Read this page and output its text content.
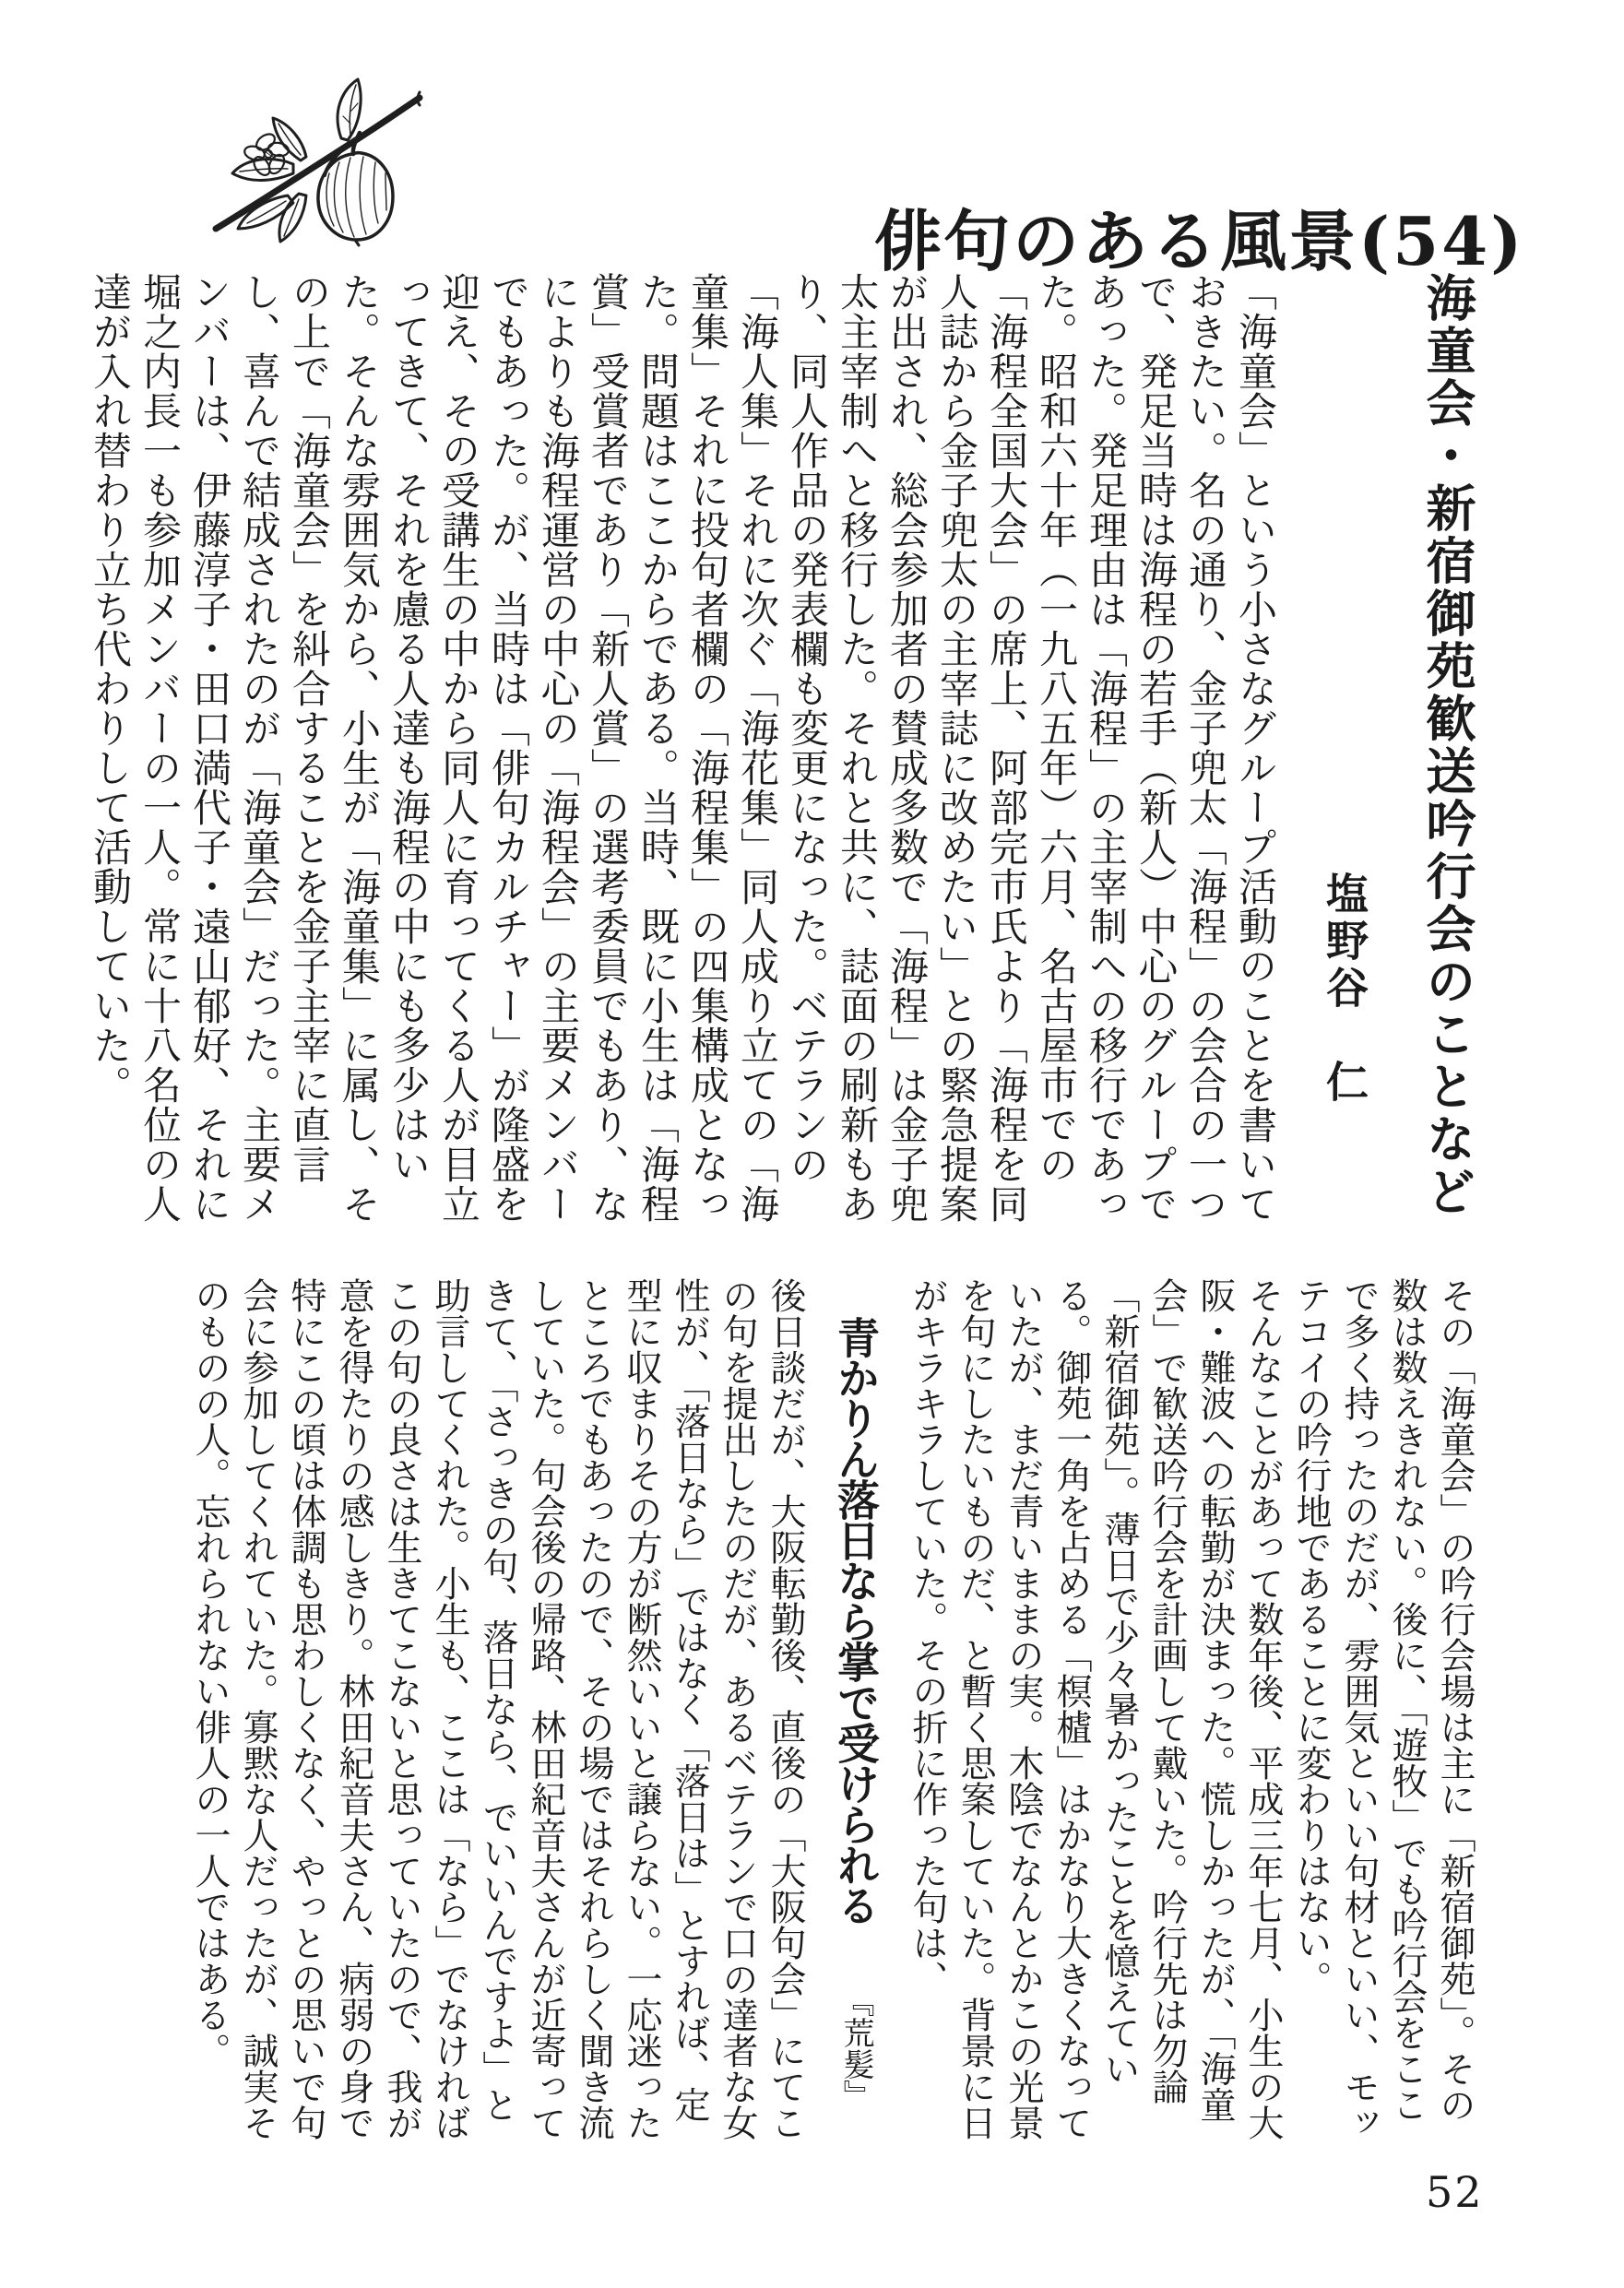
俳句のある風景(54)
海童会・新宿御苑歓送吟行会のことなど
塩野谷　仁

「海童会」という小さなグループ活動のことを書いておきたい。名の通り、金子兜太「海程」の会合の一つで、発足当時は海程の若手（新人）中心のグループであった。発足理由は「海程」の主宰制への移行であった。昭和六十年（一九八五年）六月、名古屋市での「海程全国大会」の席上、阿部完市氏より「海程を同人誌から金子兜太の主宰誌に改めたい」との緊急提案が出され、総会参加者の賛成多数で「海程」は金子兜太主宰制へと移行した。それと共に、誌面の刷新もあり、同人作品の発表欄も変更になった。ベテランの「海人集」それに次ぐ「海花集」同人成り立ての「海童集」それに投句者欄の「海程集」の四集構成となった。問題はここからである。当時、既に小生は「海程賞」受賞者であり「新人賞」の選考委員でもあり、なによりも海程運営の中心の「海程会」の主要メンバーでもあった。が、当時は「俳句カルチャー」が隆盛を迎え、その受講生の中から同人に育ってくる人が目立ってきて、それを慮る人達も海程の中にも多少はいた。そんな雰囲気から、小生が「海童集」に属し、その上で「海童会」を糾合することを金子主宰に直言し、喜んで結成されたのが「海童会」だった。主要メンバーは、伊藤淳子・田口満代子・遠山郁好、それに堀之内長一も参加メンバーの一人。常に十八名位の人達が入れ替わり立ち代わりして活動していた。

その「海童会」の吟行会場は主に「新宿御苑」。その数は数えきれない。後に、「遊牧」でも吟行会をここで多く持ったのだが、雰囲気といい句材といい、モッテコイの吟行地であることに変わりはない。

そんなことがあって数年後、平成三年七月、小生の大阪・難波への転勤が決まった。慌しかったが、「海童会」で歓送吟行会を計画して戴いた。吟行先は勿論「新宿御苑」。薄日で少々暑かったことを憶えている。御苑一角を占める「榠樝」はかなり大きくなっていたが、まだ青いままの実。木陰でなんとかこの光景を句にしたいものだ、と暫く思案していた。背景に日がキラキラしていた。その折に作った句は、

青かりん落日なら掌で受けられる『荒髪』

後日談だが、大阪転勤後、直後の「大阪句会」にてこの句を提出したのだが、あるベテランで口の達者な女性が、「落日なら」ではなく「落日は」とすれば、定型に収まりその方が断然いいと譲らない。一応迷ったところでもあったので、その場ではそれらしく聞き流していた。句会後の帰路、林田紀音夫さんが近寄ってきて、「さっきの句、落日なら、でいいんですよ」と助言してくれた。小生も、ここは「なら」でなければこの句の良さは生きてこないと思っていたので、我が意を得たりの感しきり。林田紀音夫さん、病弱の身で特にこの頃は体調も思わしくなく、やっとの思いで句会に参加してくれていた。寡黙な人だったが、誠実そのものの人。忘れられない俳人の一人ではある。

52
